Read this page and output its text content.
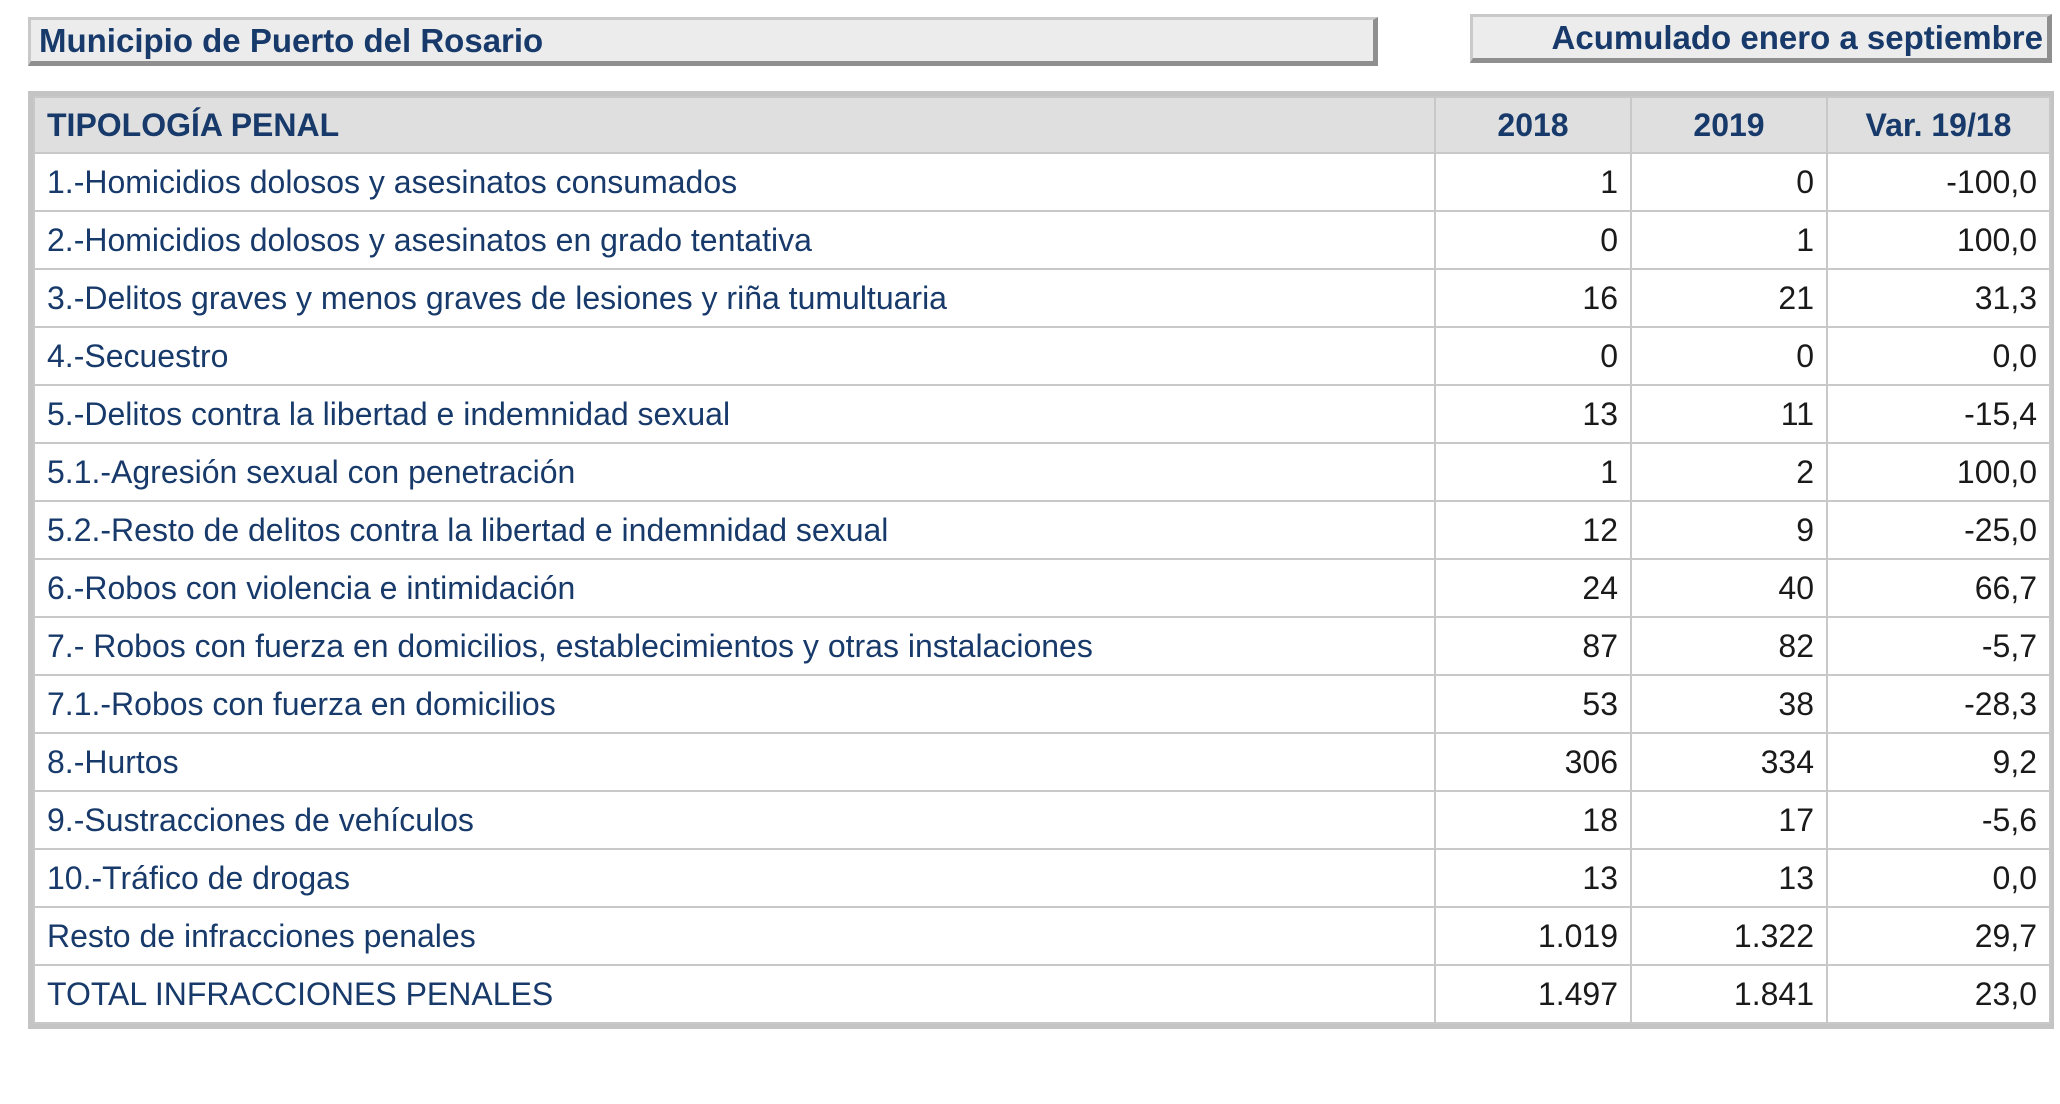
Municipio de Puerto del Rosario	Acumulado enero a septiembre
TIPOLOGÍA PENAL	2018	2019	Var. 19/18
1.-Homicidios dolosos y asesinatos consumados	1	0	-100,0
2.-Homicidios dolosos y asesinatos en grado tentativa	0	1	100,0
3.-Delitos graves y menos graves de lesiones y riña tumultuaria	16	21	31,3
4.-Secuestro	0	0	0,0
5.-Delitos contra la libertad e indemnidad sexual	13	11	-15,4
5.1.-Agresión sexual con penetración	1	2	100,0
5.2.-Resto de delitos contra la libertad e indemnidad sexual	12	9	-25,0
6.-Robos con violencia e intimidación	24	40	66,7
7.- Robos con fuerza en domicilios, establecimientos y otras instalaciones	87	82	-5,7
7.1.-Robos con fuerza en domicilios	53	38	-28,3
8.-Hurtos	306	334	9,2
9.-Sustracciones de vehículos	18	17	-5,6
10.-Tráfico de drogas	13	13	0,0
Resto de infracciones penales	1.019	1.322	29,7
TOTAL INFRACCIONES PENALES	1.497	1.841	23,0
